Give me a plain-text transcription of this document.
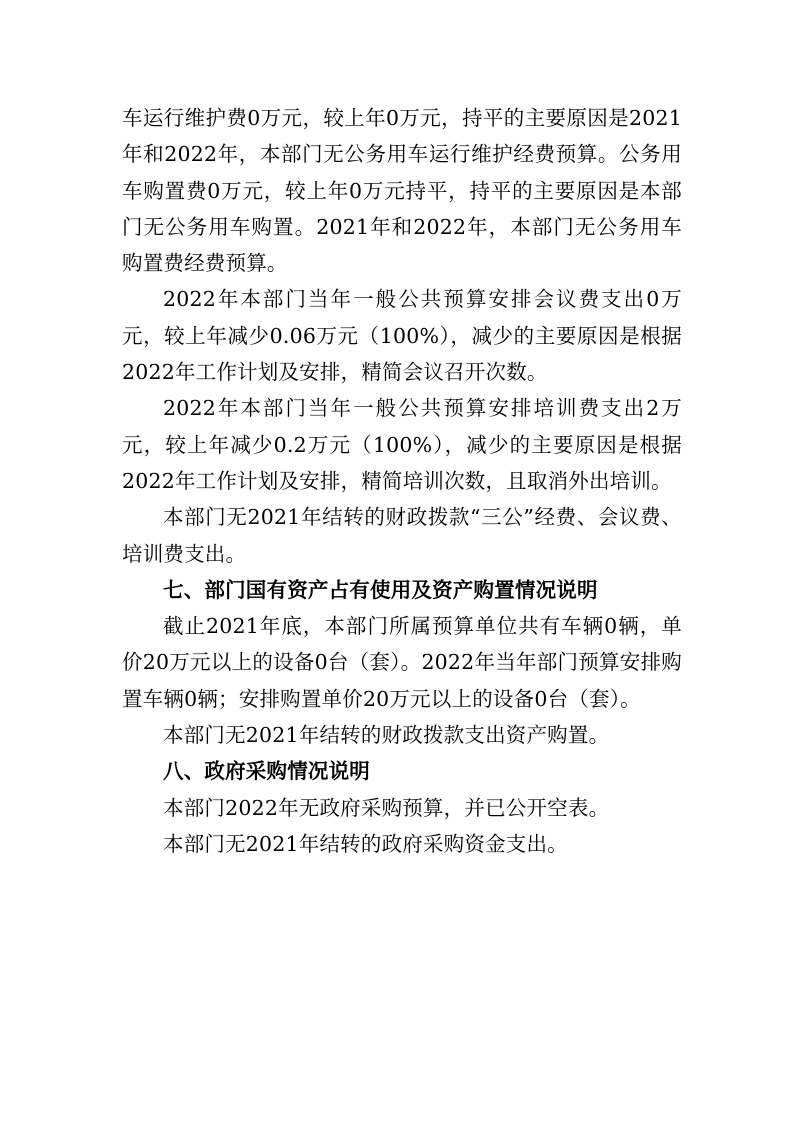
车运行维护费0万元，较上年0万元，持平的主要原因是2021年和2022年，本部门无公务用车运行维护经费预算。公务用车购置费0万元，较上年0万元持平，持平的主要原因是本部门无公务用车购置。2021年和2022年，本部门无公务用车购置费经费预算。

2022年本部门当年一般公共预算安排会议费支出0万元，较上年减少0.06万元（100%），减少的主要原因是根据2022年工作计划及安排，精简会议召开次数。

2022年本部门当年一般公共预算安排培训费支出2万元，较上年减少0.2万元（100%），减少的主要原因是根据2022年工作计划及安排，精简培训次数，且取消外出培训。

本部门无2021年结转的财政拨款“三公”经费、会议费、培训费支出。

七、部门国有资产占有使用及资产购置情况说明

截止2021年底，本部门所属预算单位共有车辆0辆，单价20万元以上的设备0台（套）。2022年当年部门预算安排购置车辆0辆；安排购置单价20万元以上的设备0台（套）。

本部门无2021年结转的财政拨款支出资产购置。

八、政府采购情况说明

本部门2022年无政府采购预算，并已公开空表。

本部门无2021年结转的政府采购资金支出。
